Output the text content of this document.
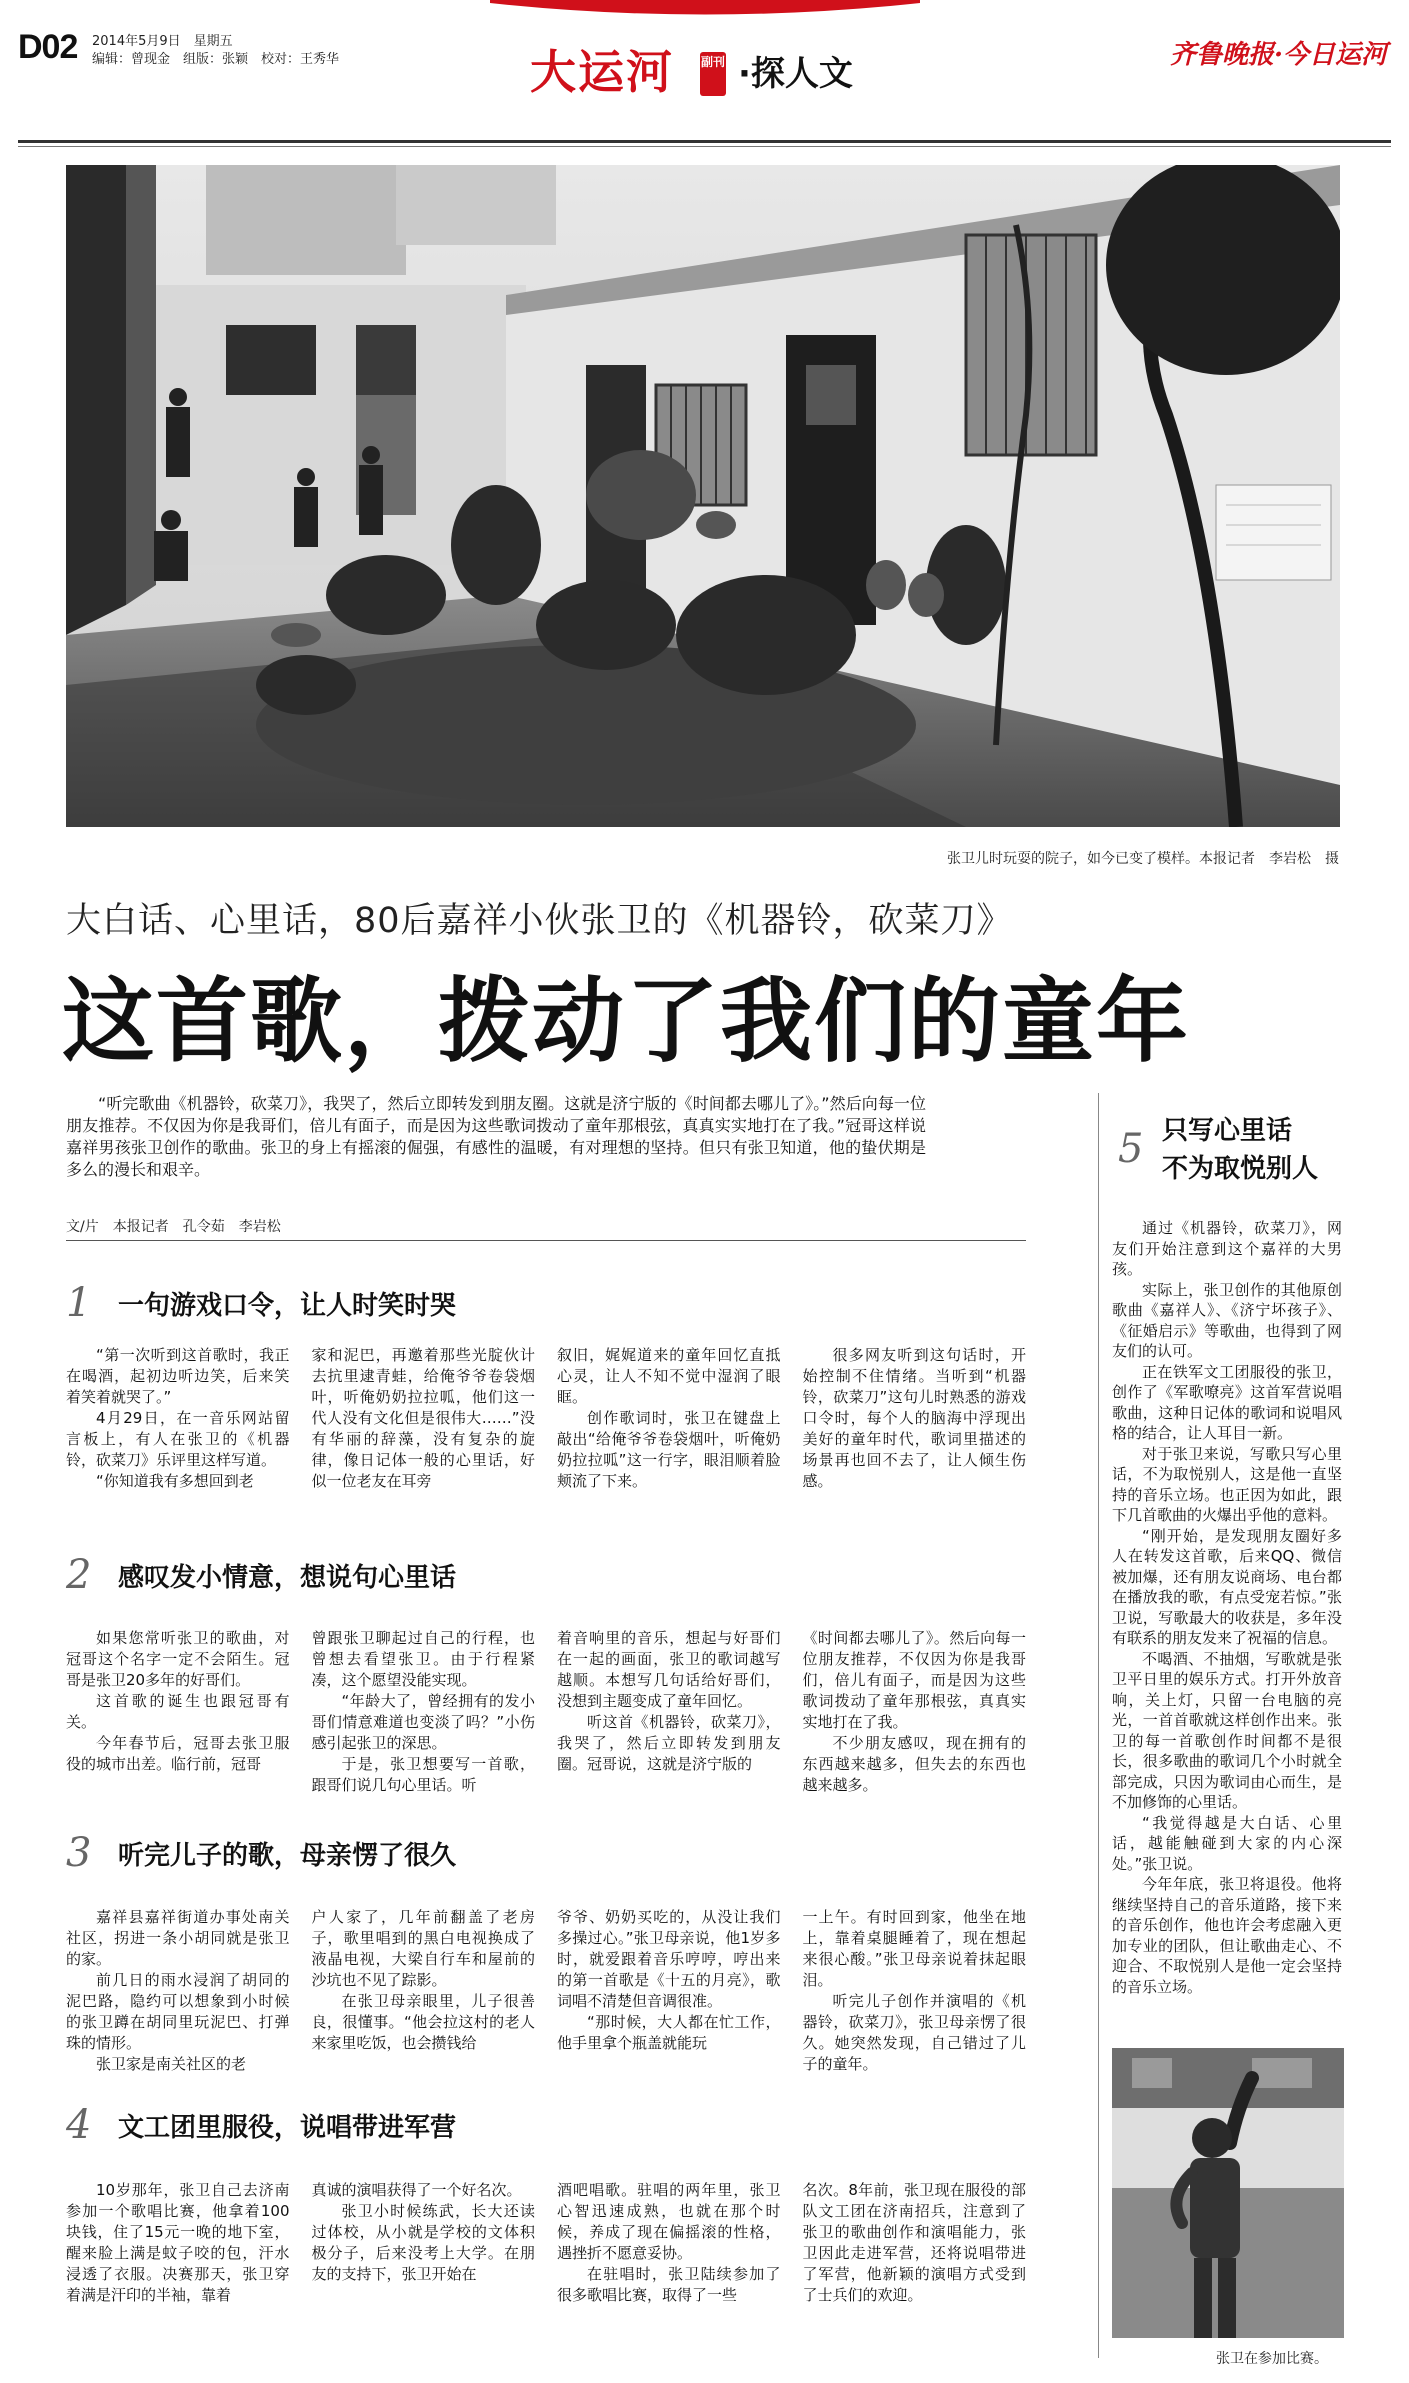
D02 2014年5月9日　星期五
编辑：曾现金　组版：张颖　校对：王秀华	大运河 副刊 ·探人文	齐鲁晚报·今日运河
张卫儿时玩耍的院子，如今已变了模样。本报记者　李岩松　摄
大白话、心里话，80后嘉祥小伙张卫的《机器铃，砍菜刀》
这首歌，拨动了我们的童年
“听完歌曲《机器铃，砍菜刀》，我哭了，然后立即转发到朋友圈。这就是济宁版的《时间都去哪儿了》。”然后向每一位朋友推荐。不仅因为你是我哥们，倍儿有面子，而是因为这些歌词拨动了童年那根弦，真真实实地打在了我。”冠哥这样说嘉祥男孩张卫创作的歌曲。张卫的身上有摇滚的倔强，有感性的温暖，有对理想的坚持。但只有张卫知道，他的蛰伏期是多么的漫长和艰辛。
文/片　本报记者　孔令茹　李岩松
1	一句游戏口令，让人时笑时哭

“第一次听到这首歌时，我正在喝酒，起初边听边笑，后来笑着笑着就哭了。”

4月29日，在一音乐网站留言板上，有人在张卫的《机器铃，砍菜刀》乐评里这样写道。

“你知道我有多想回到老

家和泥巴，再邀着那些光腚伙计去抗里逮青蛙，给俺爷爷卷袋烟叶，听俺奶奶拉拉呱，他们这一代人没有文化但是很伟大……”没有华丽的辞藻，没有复杂的旋律，像日记体一般的心里话，好似一位老友在耳旁

叙旧，娓娓道来的童年回忆直抵心灵，让人不知不觉中湿润了眼眶。

创作歌词时，张卫在键盘上敲出“给俺爷爷卷袋烟叶，听俺奶奶拉拉呱”这一行字，眼泪顺着脸颊流了下来。

很多网友听到这句话时，开始控制不住情绪。当听到“机器铃，砍菜刀”这句儿时熟悉的游戏口令时，每个人的脑海中浮现出美好的童年时代，歌词里描述的场景再也回不去了，让人倾生伤感。

2	感叹发小情意，想说句心里话

如果您常听张卫的歌曲，对冠哥这个名字一定不会陌生。冠哥是张卫20多年的好哥们。

这首歌的诞生也跟冠哥有关。

今年春节后，冠哥去张卫服役的城市出差。临行前，冠哥

曾跟张卫聊起过自己的行程，也曾想去看望张卫。由于行程紧凑，这个愿望没能实现。

“年龄大了，曾经拥有的发小哥们情意难道也变淡了吗？”小伤感引起张卫的深思。

于是，张卫想要写一首歌，跟哥们说几句心里话。听

着音响里的音乐，想起与好哥们在一起的画面，张卫的歌词越写越顺。本想写几句话给好哥们，没想到主题变成了童年回忆。

听这首《机器铃，砍菜刀》，我哭了，然后立即转发到朋友圈。冠哥说，这就是济宁版的

《时间都去哪儿了》。然后向每一位朋友推荐，不仅因为你是我哥们，倍儿有面子，而是因为这些歌词拨动了童年那根弦，真真实实地打在了我。

不少朋友感叹，现在拥有的东西越来越多，但失去的东西也越来越多。

3	听完儿子的歌，母亲愣了很久

嘉祥县嘉祥街道办事处南关社区，拐进一条小胡同就是张卫的家。

前几日的雨水浸润了胡同的泥巴路，隐约可以想象到小时候的张卫蹲在胡同里玩泥巴、打弹珠的情形。

张卫家是南关社区的老

户人家了，几年前翻盖了老房子，歌里唱到的黑白电视换成了液晶电视，大梁自行车和屋前的沙坑也不见了踪影。

在张卫母亲眼里，儿子很善良，很懂事。“他会拉这村的老人来家里吃饭，也会攒钱给

爷爷、奶奶买吃的，从没让我们多操过心。”张卫母亲说，他1岁多时，就爱跟着音乐哼哼，哼出来的第一首歌是《十五的月亮》，歌词唱不清楚但音调很准。

“那时候，大人都在忙工作，他手里拿个瓶盖就能玩

一上午。有时回到家，他坐在地上，靠着桌腿睡着了，现在想起来很心酸。”张卫母亲说着抹起眼泪。

听完儿子创作并演唱的《机器铃，砍菜刀》，张卫母亲愣了很久。她突然发现，自己错过了儿子的童年。

4	文工团里服役，说唱带进军营

10岁那年，张卫自己去济南参加一个歌唱比赛，他拿着100块钱，住了15元一晚的地下室，醒来脸上满是蚊子咬的包，汗水浸透了衣服。决赛那天，张卫穿着满是汗印的半袖，靠着

真诚的演唱获得了一个好名次。

张卫小时候练武，长大还读过体校，从小就是学校的文体积极分子，后来没考上大学。在朋友的支持下，张卫开始在

酒吧唱歌。驻唱的两年里，张卫心智迅速成熟，也就在那个时候，养成了现在偏摇滚的性格，遇挫折不愿意妥协。

在驻唱时，张卫陆续参加了很多歌唱比赛，取得了一些

名次。8年前，张卫现在服役的部队文工团在济南招兵，注意到了张卫的歌曲创作和演唱能力，张卫因此走进军营，还将说唱带进了军营，他新颖的演唱方式受到了士兵们的欢迎。

5 只写心里话
不为取悦别人

通过《机器铃，砍菜刀》，网友们开始注意到这个嘉祥的大男孩。

实际上，张卫创作的其他原创歌曲《嘉祥人》、《济宁坏孩子》、《征婚启示》等歌曲，也得到了网友们的认可。

正在铁军文工团服役的张卫，创作了《军歌嘹亮》这首军营说唱歌曲，这种日记体的歌词和说唱风格的结合，让人耳目一新。

对于张卫来说，写歌只写心里话，不为取悦别人，这是他一直坚持的音乐立场。也正因为如此，跟下几首歌曲的火爆出乎他的意料。

“刚开始，是发现朋友圈好多人在转发这首歌，后来QQ、微信被加爆，还有朋友说商场、电台都在播放我的歌，有点受宠若惊。”张卫说，写歌最大的收获是，多年没有联系的朋友发来了祝福的信息。

不喝酒、不抽烟，写歌就是张卫平日里的娱乐方式。打开外放音响，关上灯，只留一台电脑的亮光，一首首歌就这样创作出来。张卫的每一首歌创作时间都不是很长，很多歌曲的歌词几个小时就全部完成，只因为歌词由心而生，是不加修饰的心里话。

“我觉得越是大白话、心里话，越能触碰到大家的内心深处。”张卫说。

今年年底，张卫将退役。他将继续坚持自己的音乐道路，接下来的音乐创作，他也许会考虑融入更加专业的团队，但让歌曲走心、不迎合、不取悦别人是他一定会坚持的音乐立场。

张卫在参加比赛。
